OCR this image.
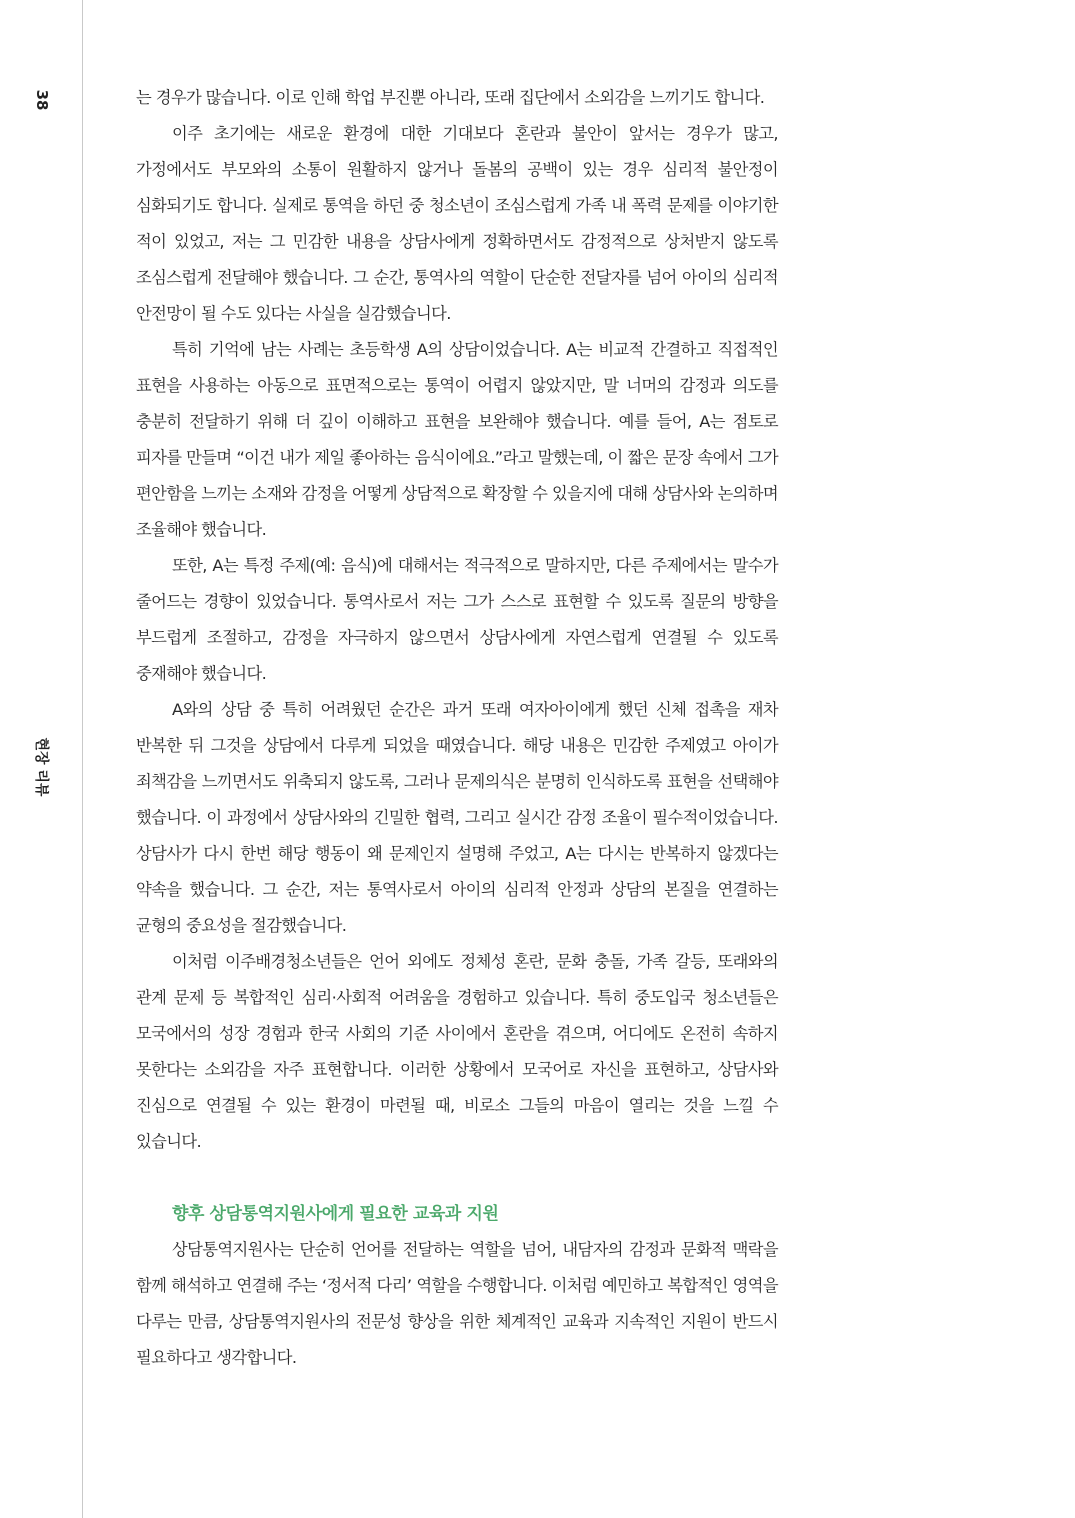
38
현장 리뷰

는 경우가 많습니다. 이로 인해 학업 부진뿐 아니라, 또래 집단에서 소외감을 느끼기도 합니다.

이주 초기에는 새로운 환경에 대한 기대보다 혼란과 불안이 앞서는 경우가 많고, 가정에서도 부모와의 소통이 원활하지 않거나 돌봄의 공백이 있는 경우 심리적 불안정이 심화되기도 합니다. 실제로 통역을 하던 중 청소년이 조심스럽게 가족 내 폭력 문제를 이야기한 적이 있었고, 저는 그 민감한 내용을 상담사에게 정확하면서도 감정적으로 상처받지 않도록 조심스럽게 전달해야 했습니다. 그 순간, 통역사의 역할이 단순한 전달자를 넘어 아이의 심리적 안전망이 될 수도 있다는 사실을 실감했습니다.

특히 기억에 남는 사례는 초등학생 A의 상담이었습니다. A는 비교적 간결하고 직접적인 표현을 사용하는 아동으로 표면적으로는 통역이 어렵지 않았지만, 말 너머의 감정과 의도를 충분히 전달하기 위해 더 깊이 이해하고 표현을 보완해야 했습니다. 예를 들어, A는 점토로 피자를 만들며 “이건 내가 제일 좋아하는 음식이에요.”라고 말했는데, 이 짧은 문장 속에서 그가 편안함을 느끼는 소재와 감정을 어떻게 상담적으로 확장할 수 있을지에 대해 상담사와 논의하며 조율해야 했습니다.

또한, A는 특정 주제(예: 음식)에 대해서는 적극적으로 말하지만, 다른 주제에서는 말수가 줄어드는 경향이 있었습니다. 통역사로서 저는 그가 스스로 표현할 수 있도록 질문의 방향을 부드럽게 조절하고, 감정을 자극하지 않으면서 상담사에게 자연스럽게 연결될 수 있도록 중재해야 했습니다.

A와의 상담 중 특히 어려웠던 순간은 과거 또래 여자아이에게 했던 신체 접촉을 재차 반복한 뒤 그것을 상담에서 다루게 되었을 때였습니다. 해당 내용은 민감한 주제였고 아이가 죄책감을 느끼면서도 위축되지 않도록, 그러나 문제의식은 분명히 인식하도록 표현을 선택해야 했습니다. 이 과정에서 상담사와의 긴밀한 협력, 그리고 실시간 감정 조율이 필수적이었습니다. 상담사가 다시 한번 해당 행동이 왜 문제인지 설명해 주었고, A는 다시는 반복하지 않겠다는 약속을 했습니다. 그 순간, 저는 통역사로서 아이의 심리적 안정과 상담의 본질을 연결하는 균형의 중요성을 절감했습니다.

이처럼 이주배경청소년들은 언어 외에도 정체성 혼란, 문화 충돌, 가족 갈등, 또래와의 관계 문제 등 복합적인 심리·사회적 어려움을 경험하고 있습니다. 특히 중도입국 청소년들은 모국에서의 성장 경험과 한국 사회의 기준 사이에서 혼란을 겪으며, 어디에도 온전히 속하지 못한다는 소외감을 자주 표현합니다. 이러한 상황에서 모국어로 자신을 표현하고, 상담사와 진심으로 연결될 수 있는 환경이 마련될 때, 비로소 그들의 마음이 열리는 것을 느낄 수 있습니다.

향후 상담통역지원사에게 필요한 교육과 지원

상담통역지원사는 단순히 언어를 전달하는 역할을 넘어, 내담자의 감정과 문화적 맥락을 함께 해석하고 연결해 주는 ‘정서적 다리’ 역할을 수행합니다. 이처럼 예민하고 복합적인 영역을 다루는 만큼, 상담통역지원사의 전문성 향상을 위한 체계적인 교육과 지속적인 지원이 반드시 필요하다고 생각합니다.
